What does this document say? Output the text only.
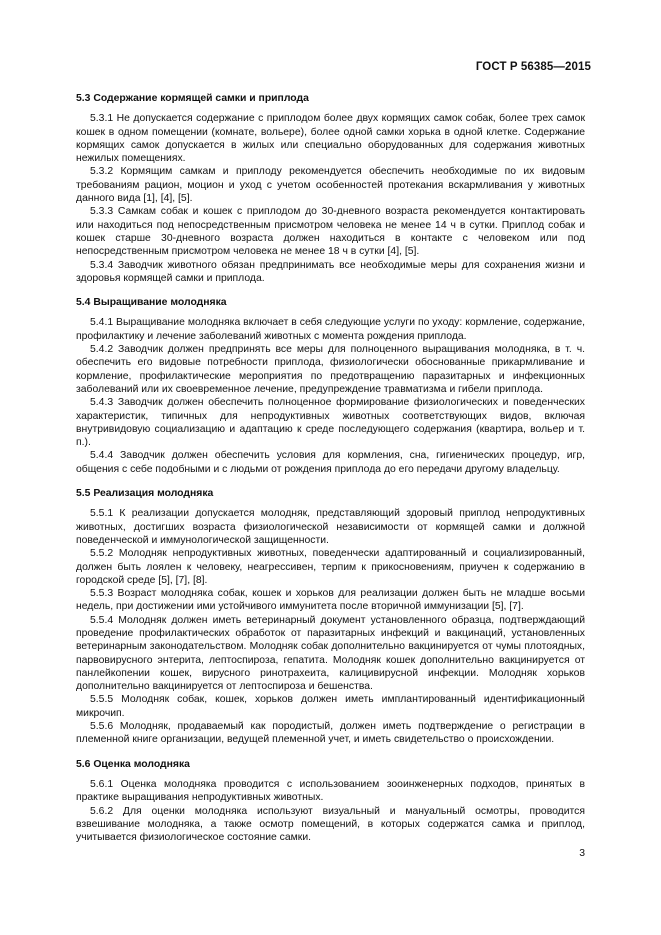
ГОСТ Р 56385—2015
5.3 Содержание кормящей самки и приплода

5.3.1 Не допускается содержание с приплодом более двух кормящих самок собак, более трех самок кошек в одном помещении (комнате, вольере), более одной самки хорька в одной клетке. Содержание кормящих самок допускается в жилых или специально оборудованных для содержания животных нежилых помещениях.

5.3.2 Кормящим самкам и приплоду рекомендуется обеспечить необходимые по их видовым требованиям рацион, моцион и уход с учетом особенностей протекания вскармливания у животных данного вида [1], [4], [5].

5.3.3 Самкам собак и кошек с приплодом до 30-дневного возраста рекомендуется контактировать или находиться под непосредственным присмотром человека не менее 14 ч в сутки. Приплод собак и кошек старше 30-дневного возраста должен находиться в контакте с человеком или под непосредственным присмотром человека не менее 18 ч в сутки [4], [5].

5.3.4 Заводчик животного обязан предпринимать все необходимые меры для сохранения жизни и здоровья кормящей самки и приплода.

5.4 Выращивание молодняка

5.4.1 Выращивание молодняка включает в себя следующие услуги по уходу: кормление, содержание, профилактику и лечение заболеваний животных с момента рождения приплода.

5.4.2 Заводчик должен предпринять все меры для полноценного выращивания молодняка, в т. ч. обеспечить его видовые потребности приплода, физиологически обоснованные прикармливание и кормление, профилактические мероприятия по предотвращению паразитарных и инфекционных заболеваний или их своевременное лечение, предупреждение травматизма и гибели приплода.

5.4.3 Заводчик должен обеспечить полноценное формирование физиологических и поведенческих характеристик, типичных для непродуктивных животных соответствующих видов, включая внутривидовую социализацию и адаптацию к среде последующего содержания (квартира, вольер и т. п.).

5.4.4 Заводчик должен обеспечить условия для кормления, сна, гигиенических процедур, игр, общения с себе подобными и с людьми от рождения приплода до его передачи другому владельцу.

5.5 Реализация молодняка

5.5.1 К реализации допускается молодняк, представляющий здоровый приплод непродуктивных животных, достигших возраста физиологической независимости от кормящей самки и должной поведенческой и иммунологической защищенности.

5.5.2 Молодняк непродуктивных животных, поведенчески адаптированный и социализированный, должен быть лоялен к человеку, неагрессивен, терпим к прикосновениям, приучен к содержанию в городской среде [5], [7], [8].

5.5.3 Возраст молодняка собак, кошек и хорьков для реализации должен быть не младше восьми недель, при достижении ими устойчивого иммунитета после вторичной иммунизации [5], [7].

5.5.4 Молодняк должен иметь ветеринарный документ установленного образца, подтверждающий проведение профилактических обработок от паразитарных инфекций и вакцинаций, установленных ветеринарным законодательством. Молодняк собак дополнительно вакцинируется от чумы плотоядных, парвовирусного энтерита, лептоспироза, гепатита. Молодняк кошек дополнительно вакцинируется от панлейкопении кошек, вирусного ринотрахеита, калицивирусной инфекции. Молодняк хорьков дополнительно вакцинируется от лептоспироза и бешенства.

5.5.5 Молодняк собак, кошек, хорьков должен иметь имплантированный идентификационный микрочип.

5.5.6 Молодняк, продаваемый как породистый, должен иметь подтверждение о регистрации в племенной книге организации, ведущей племенной учет, и иметь свидетельство о происхождении.

5.6 Оценка молодняка

5.6.1 Оценка молодняка проводится с использованием зооинженерных подходов, принятых в практике выращивания непродуктивных животных.

5.6.2 Для оценки молодняка используют визуальный и мануальный осмотры, проводится взвешивание молодняка, а также осмотр помещений, в которых содержатся самка и приплод, учитывается физиологическое состояние самки.

3
